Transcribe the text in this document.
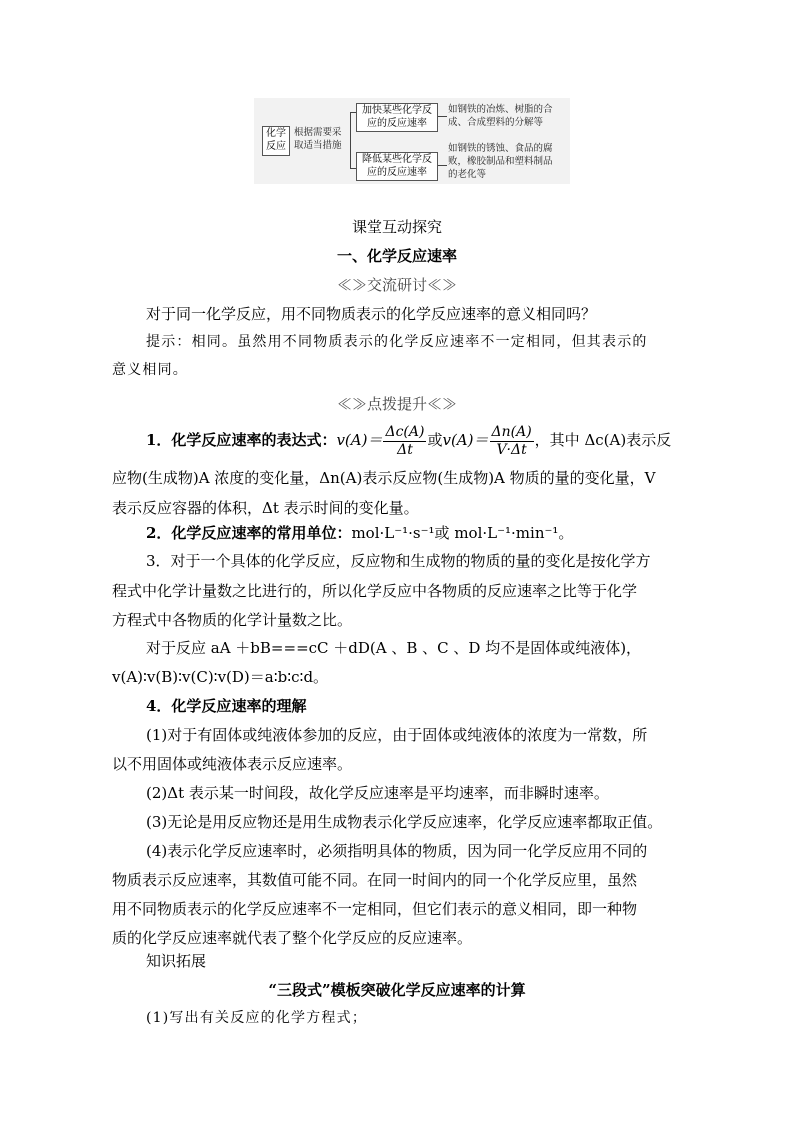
化学
反应
根据需要采
取适当措施
加快某些化学反
应的反应速率
降低某些化学反
应的反应速率
如钢铁的冶炼、树脂的合
成、合成塑料的分解等
如钢铁的锈蚀、食品的腐
败，橡胶制品和塑料制品
的老化等
课堂互动探究
一、化学反应速率
≪≫交流研讨≪≫
对于同一化学反应，用不同物质表示的化学反应速率的意义相同吗？
提示：相同。虽然用不同物质表示的化学反应速率不一定相同，但其表示的
意义相同。
≪≫点拨提升≪≫
1．化学反应速率的表达式：$v(A)= \frac{\Delta c(A)}{\Delta t}$ 或$v(A)= \frac{\Delta n(A)}{V\cdot\Delta t}$ ，其中 Δc(A)表示反
应物(生成物)A 浓度的变化量，Δn(A)表示反应物(生成物)A 物质的量的变化量，V
表示反应容器的体积，Δt 表示时间的变化量。
2．化学反应速率的常用单位：mol·L⁻¹·s⁻¹或 mol·L⁻¹·min⁻¹。
3．对于一个具体的化学反应，反应物和生成物的物质的量的变化是按化学方
程式中化学计量数之比进行的，所以化学反应中各物质的反应速率之比等于化学
方程式中各物质的化学计量数之比。
对于反应 aA ＋bB===cC ＋dD(A 、B 、C 、D 均不是固体或纯液体)，
v(A)∶v(B)∶v(C)∶v(D)＝a∶b∶c∶d。
4．化学反应速率的理解
(1)对于有固体或纯液体参加的反应，由于固体或纯液体的浓度为一常数，所
以不用固体或纯液体表示反应速率。
(2)Δt 表示某一时间段，故化学反应速率是平均速率，而非瞬时速率。
(3)无论是用反应物还是用生成物表示化学反应速率，化学反应速率都取正值。
(4)表示化学反应速率时，必须指明具体的物质，因为同一化学反应用不同的
物质表示反应速率，其数值可能不同。在同一时间内的同一个化学反应里，虽然
用不同物质表示的化学反应速率不一定相同，但它们表示的意义相同，即一种物
质的化学反应速率就代表了整个化学反应的反应速率。
知识拓展
“三段式”模板突破化学反应速率的计算
(1)写出有关反应的化学方程式；
